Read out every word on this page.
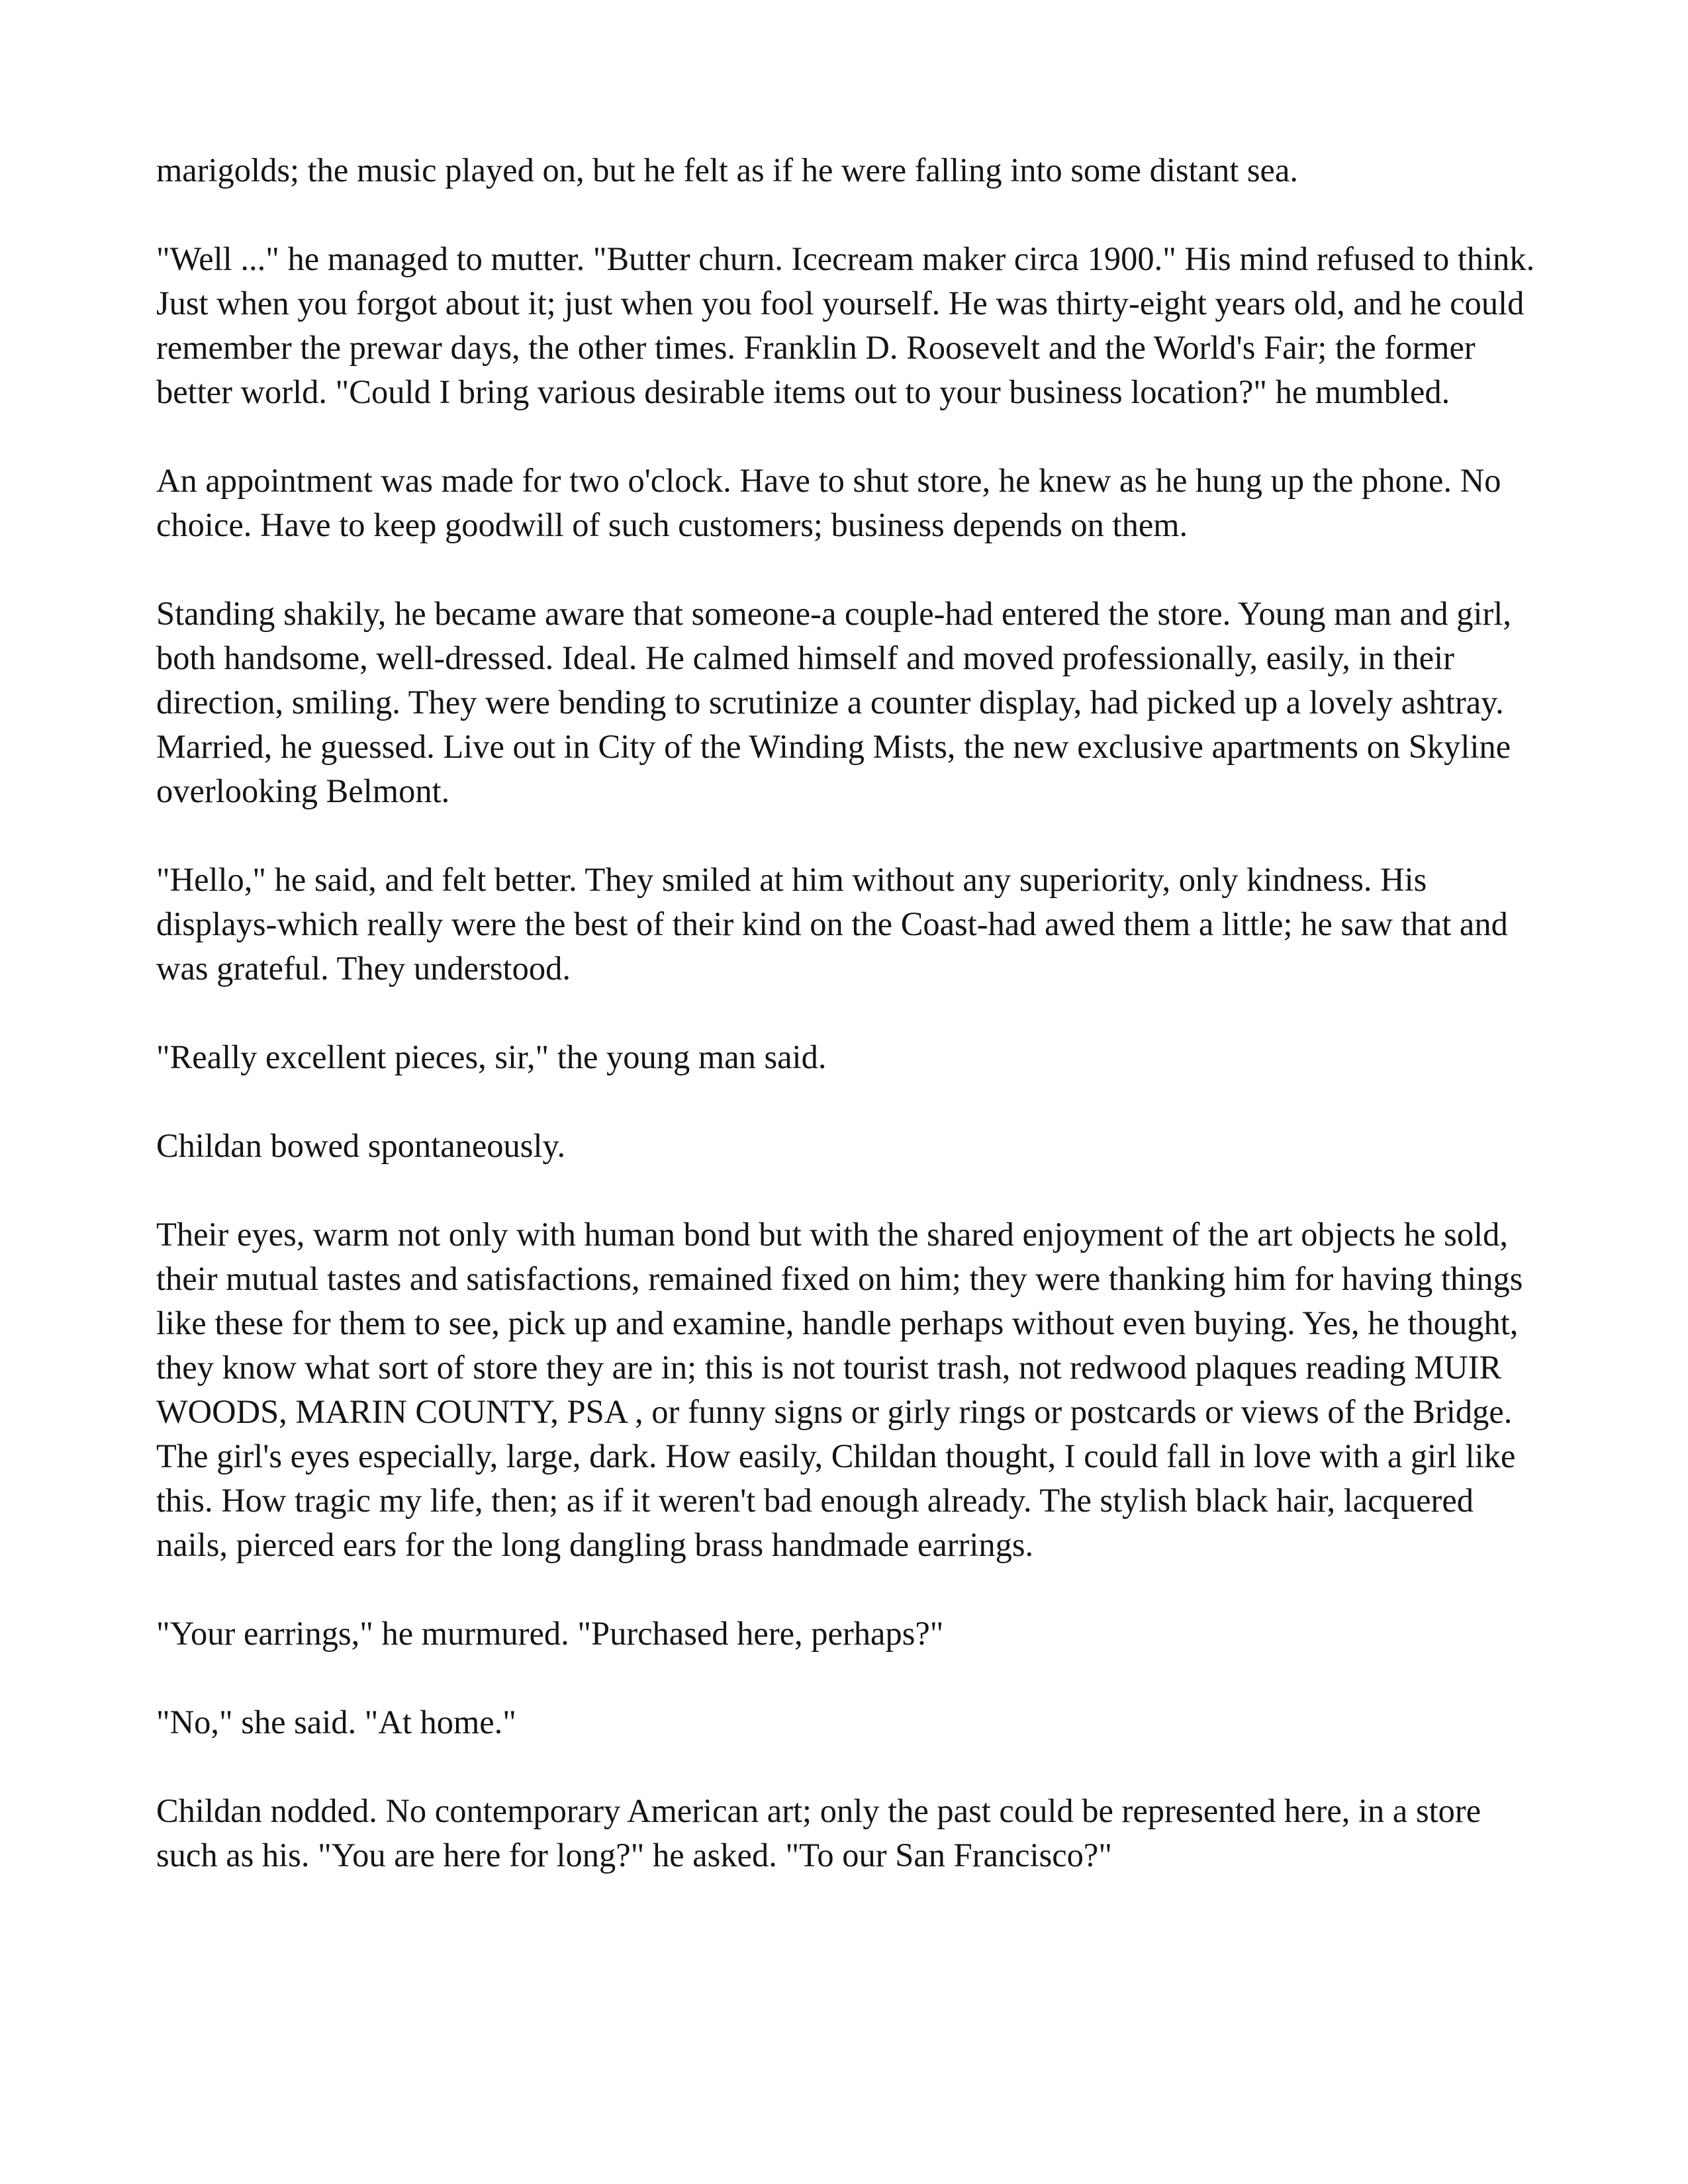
marigolds; the music played on, but he felt as if he were falling into some distant sea.

"Well ..." he managed to mutter. "Butter churn. Icecream maker circa 1900." His mind refused to think. Just when you forgot about it; just when you fool yourself. He was thirty-eight years old, and he could remember the prewar days, the other times. Franklin D. Roosevelt and the World's Fair; the former better world. "Could I bring various desirable items out to your business location?" he mumbled.

An appointment was made for two o'clock. Have to shut store, he knew as he hung up the phone. No choice. Have to keep goodwill of such customers; business depends on them.

Standing shakily, he became aware that someone-a couple-had entered the store. Young man and girl, both handsome, well-dressed. Ideal. He calmed himself and moved professionally, easily, in their direction, smiling. They were bending to scrutinize a counter display, had picked up a lovely ashtray. Married, he guessed. Live out in City of the Winding Mists, the new exclusive apartments on Skyline overlooking Belmont.

"Hello," he said, and felt better. They smiled at him without any superiority, only kindness. His displays-which really were the best of their kind on the Coast-had awed them a little; he saw that and was grateful. They understood.

"Really excellent pieces, sir," the young man said.

Childan bowed spontaneously.

Their eyes, warm not only with human bond but with the shared enjoyment of the art objects he sold, their mutual tastes and satisfactions, remained fixed on him; they were thanking him for having things like these for them to see, pick up and examine, handle perhaps without even buying. Yes, he thought, they know what sort of store they are in; this is not tourist trash, not redwood plaques reading MUIR WOODS, MARIN COUNTY, PSA , or funny signs or girly rings or postcards or views of the Bridge. The girl's eyes especially, large, dark. How easily, Childan thought, I could fall in love with a girl like this. How tragic my life, then; as if it weren't bad enough already. The stylish black hair, lacquered nails, pierced ears for the long dangling brass handmade earrings.

"Your earrings," he murmured. "Purchased here, perhaps?"

"No," she said. "At home."

Childan nodded. No contemporary American art; only the past could be represented here, in a store such as his. "You are here for long?" he asked. "To our San Francisco?"
